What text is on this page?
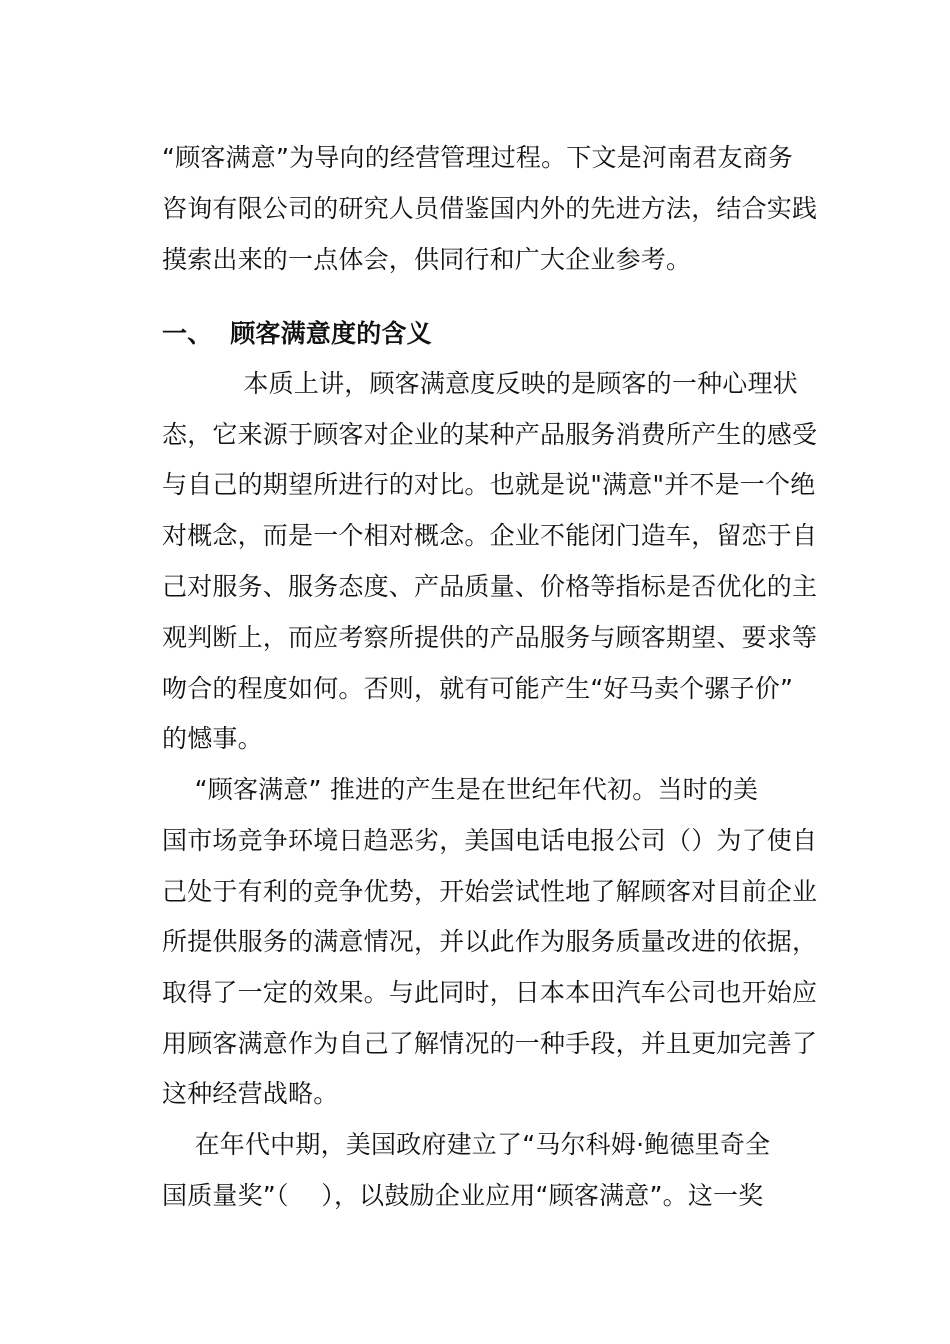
“顾客满意”为导向的经营管理过程。下文是河南君友商务
咨询有限公司的研究人员借鉴国内外的先进方法，结合实践
摸索出来的一点体会，供同行和广大企业参考。
一、  顾客满意度的含义
本质上讲，顾客满意度反映的是顾客的一种心理状
态，它来源于顾客对企业的某种产品服务消费所产生的感受
与自己的期望所进行的对比。也就是说"满意"并不是一个绝
对概念，而是一个相对概念。企业不能闭门造车，留恋于自
己对服务、服务态度、产品质量、价格等指标是否优化的主
观判断上，而应考察所提供的产品服务与顾客期望、要求等
吻合的程度如何。否则，就有可能产生“好马卖个骡子价”
的憾事。
“顾客满意” 推进的产生是在世纪年代初。当时的美
国市场竞争环境日趋恶劣，美国电话电报公司（）为了使自
己处于有利的竞争优势，开始尝试性地了解顾客对目前企业
所提供服务的满意情况，并以此作为服务质量改进的依据，
取得了一定的效果。与此同时，日本本田汽车公司也开始应
用顾客满意作为自己了解情况的一种手段，并且更加完善了
这种经营战略。
在年代中期，美国政府建立了“马尔科姆·鲍德里奇全
国质量奖”（    ），以鼓励企业应用“顾客满意”。这一奖
